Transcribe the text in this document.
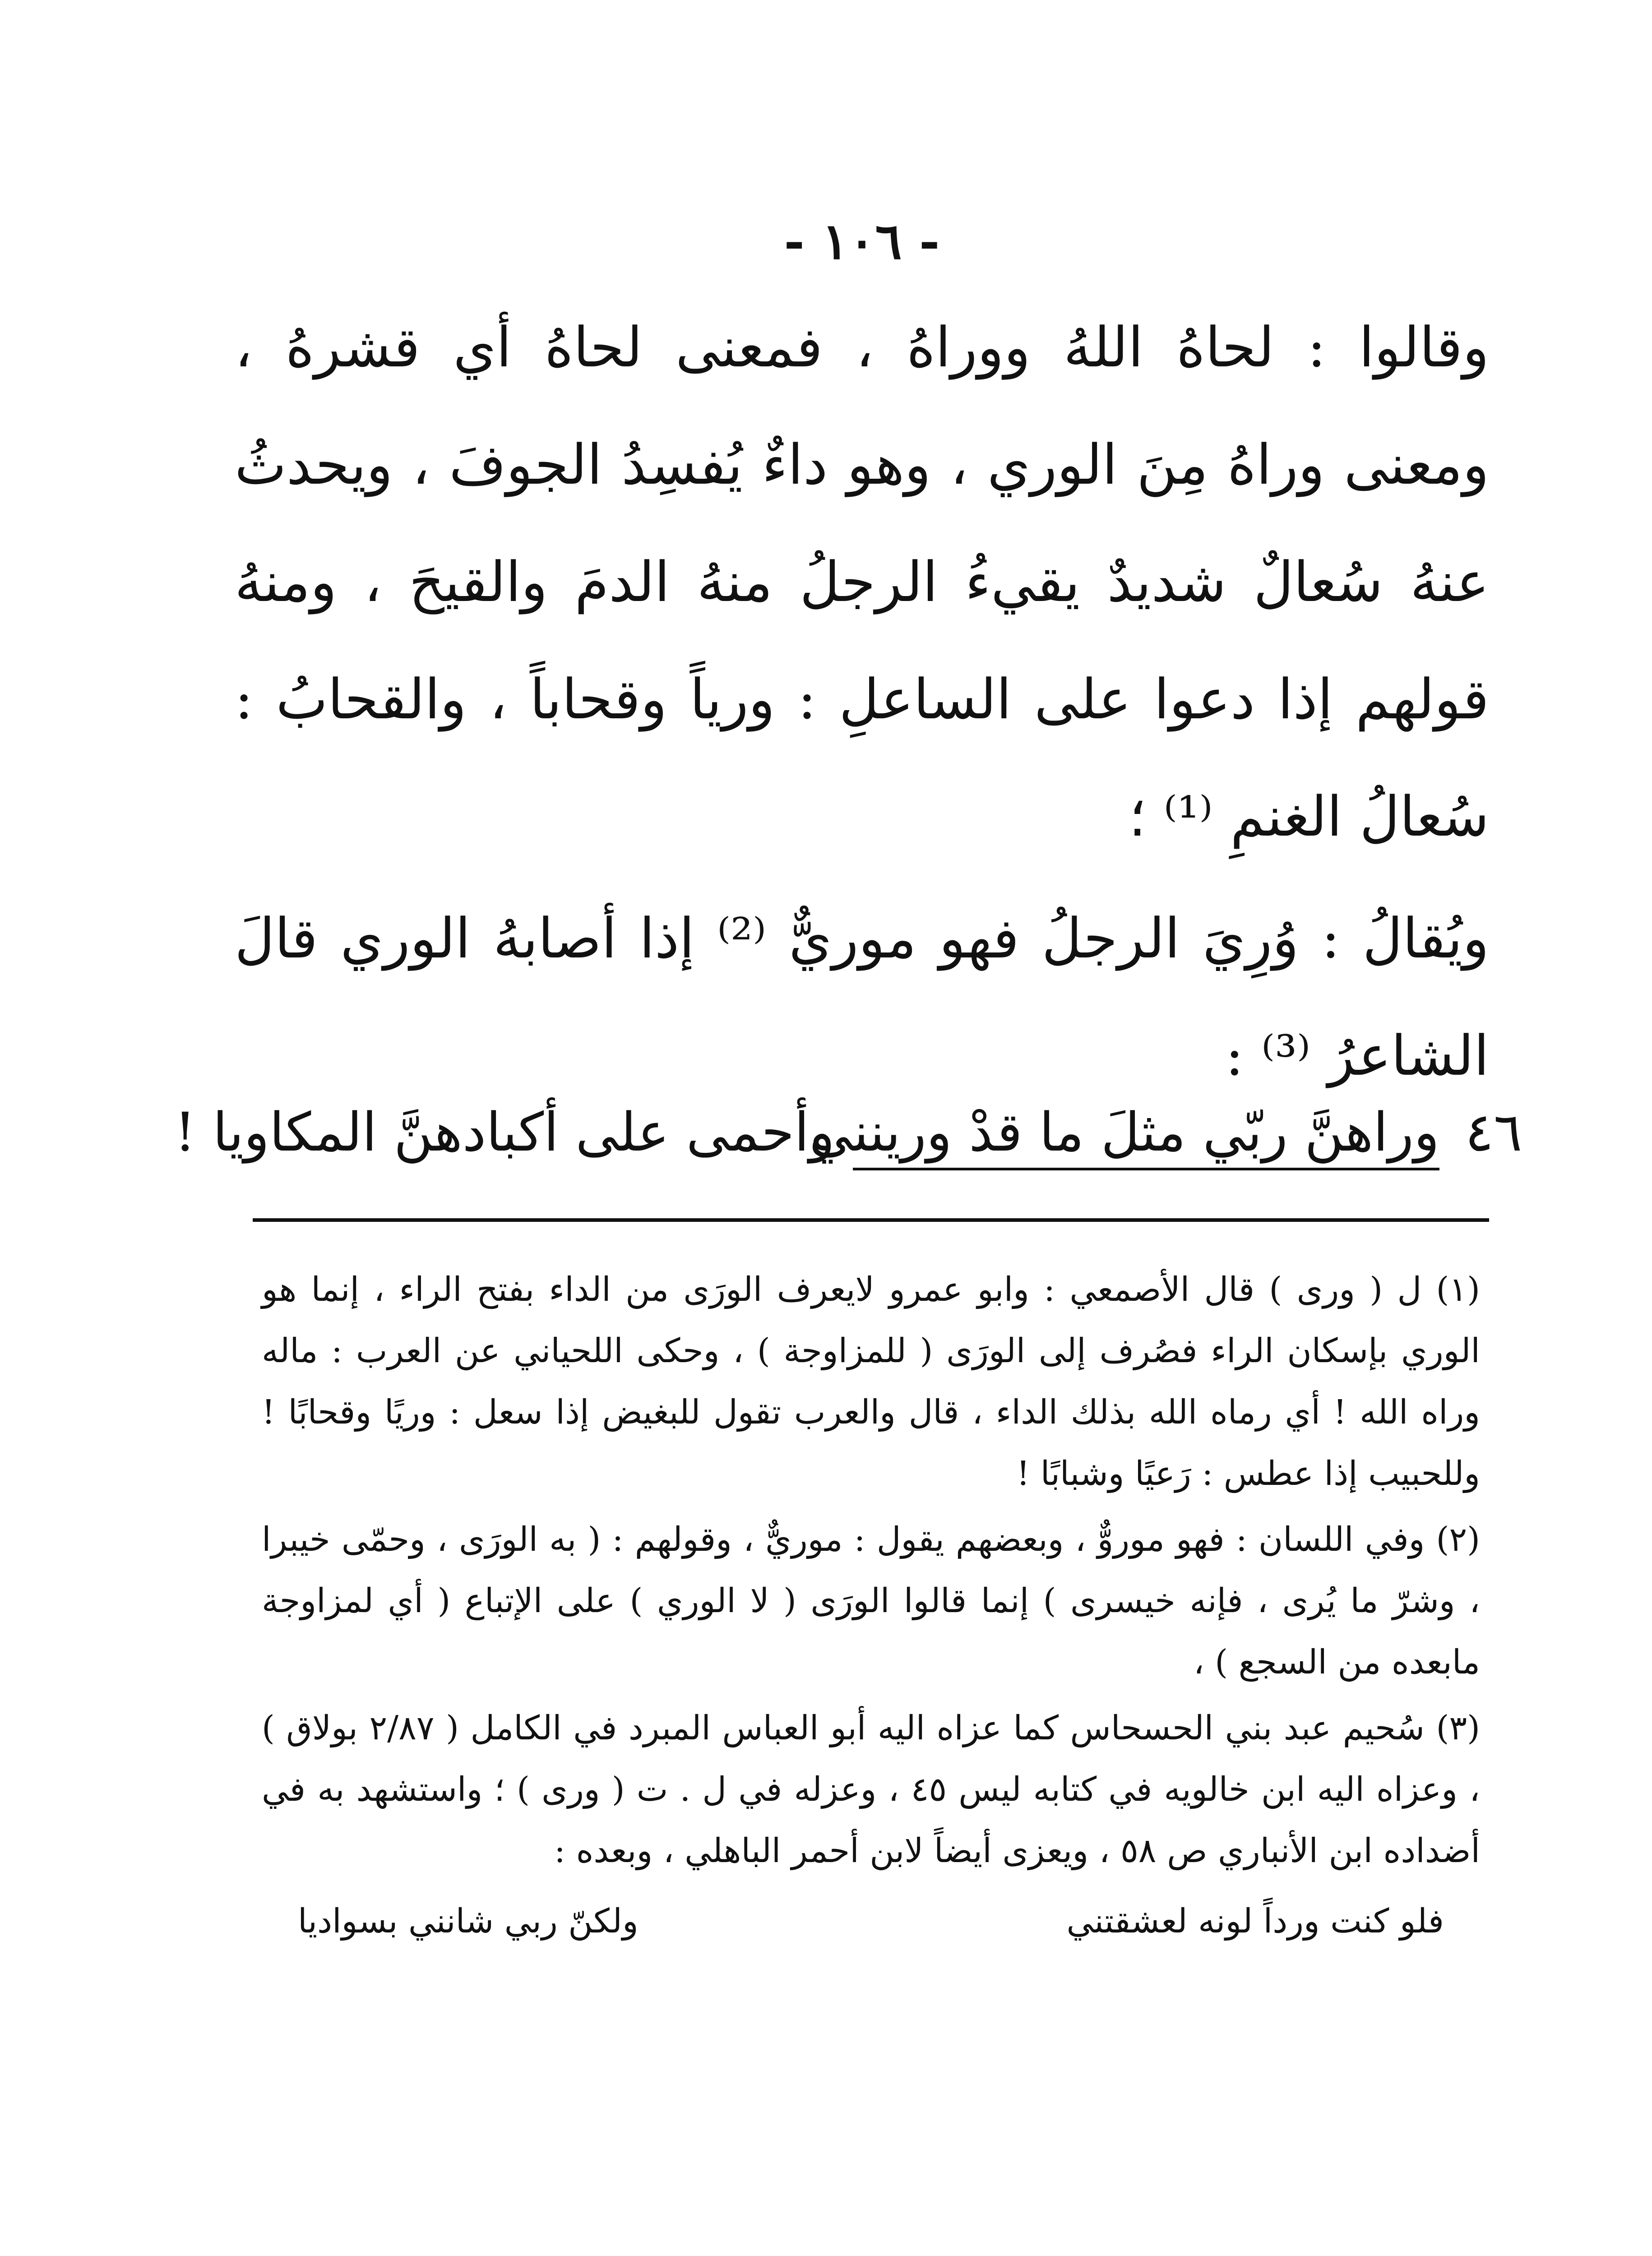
- ١٠٦ -

وقالوا : لحاهُ اللهُ ووراهُ ، فمعنى لحاهُ أي قشرهُ ، ومعنى وراهُ مِنَ الوري ، وهو داءٌ يُفسِدُ الجوفَ ، ويحدثُ عنهُ سُعالٌ شديدٌ يقيءُ الرجلُ منهُ الدمَ والقيحَ ، ومنهُ قولهم إذا دعوا على الساعلِ : ورياً وقحاباً ، والقحابُ : سُعالُ الغنمِ ⁽¹⁾ ؛

ويُقالُ : وُرِيَ الرجلُ فهو موريٌّ ⁽²⁾ إذا أصابهُ الوري قالَ الشاعرُ ⁽³⁾ :

٤٦
وراهنَّ ربّي مثلَ ما قدْ ورينني
وأحمى على أكبادهنَّ المكاويا !

(١) ل ( ورى ) قال الأصمعي : وابو عمرو لايعرف الورَى من الداء بفتح الراء ، إنما هو الوري بإسكان الراء فصُرف إلى الورَى ( للمزاوجة ) ، وحكى اللحياني عن العرب : ماله وراه الله ! أي رماه الله بذلك الداء ، قال والعرب تقول للبغيض إذا سعل : وريًا وقحابًا ! وللحبيب إذا عطس : رَعيًا وشبابًا !

(٢) وفي اللسان : فهو موروٌّ ، وبعضهم يقول : موريٌّ ، وقولهم : ( به الورَى ، وحمّى خيبرا ، وشرّ ما يُرى ، فإنه خيسرى ) إنما قالوا الورَى ( لا الوري ) على الإتباع ( أي لمزاوجة مابعده من السجع ) ،

(٣) سُحيم عبد بني الحسحاس كما عزاه اليه أبو العباس المبرد في الكامل ( ٢/٨٧ بولاق ) ، وعزاه اليه ابن خالويه في كتابه ليس ٤٥ ، وعزله في ل . ت ( ورى ) ؛ واستشهد به في أضداده ابن الأنباري ص ٥٨ ، ويعزى أيضاً لابن أحمر الباهلي ، وبعده :

فلو كنت ورداً لونه لعشقتني
ولكنّ ربي شانني بسواديا
